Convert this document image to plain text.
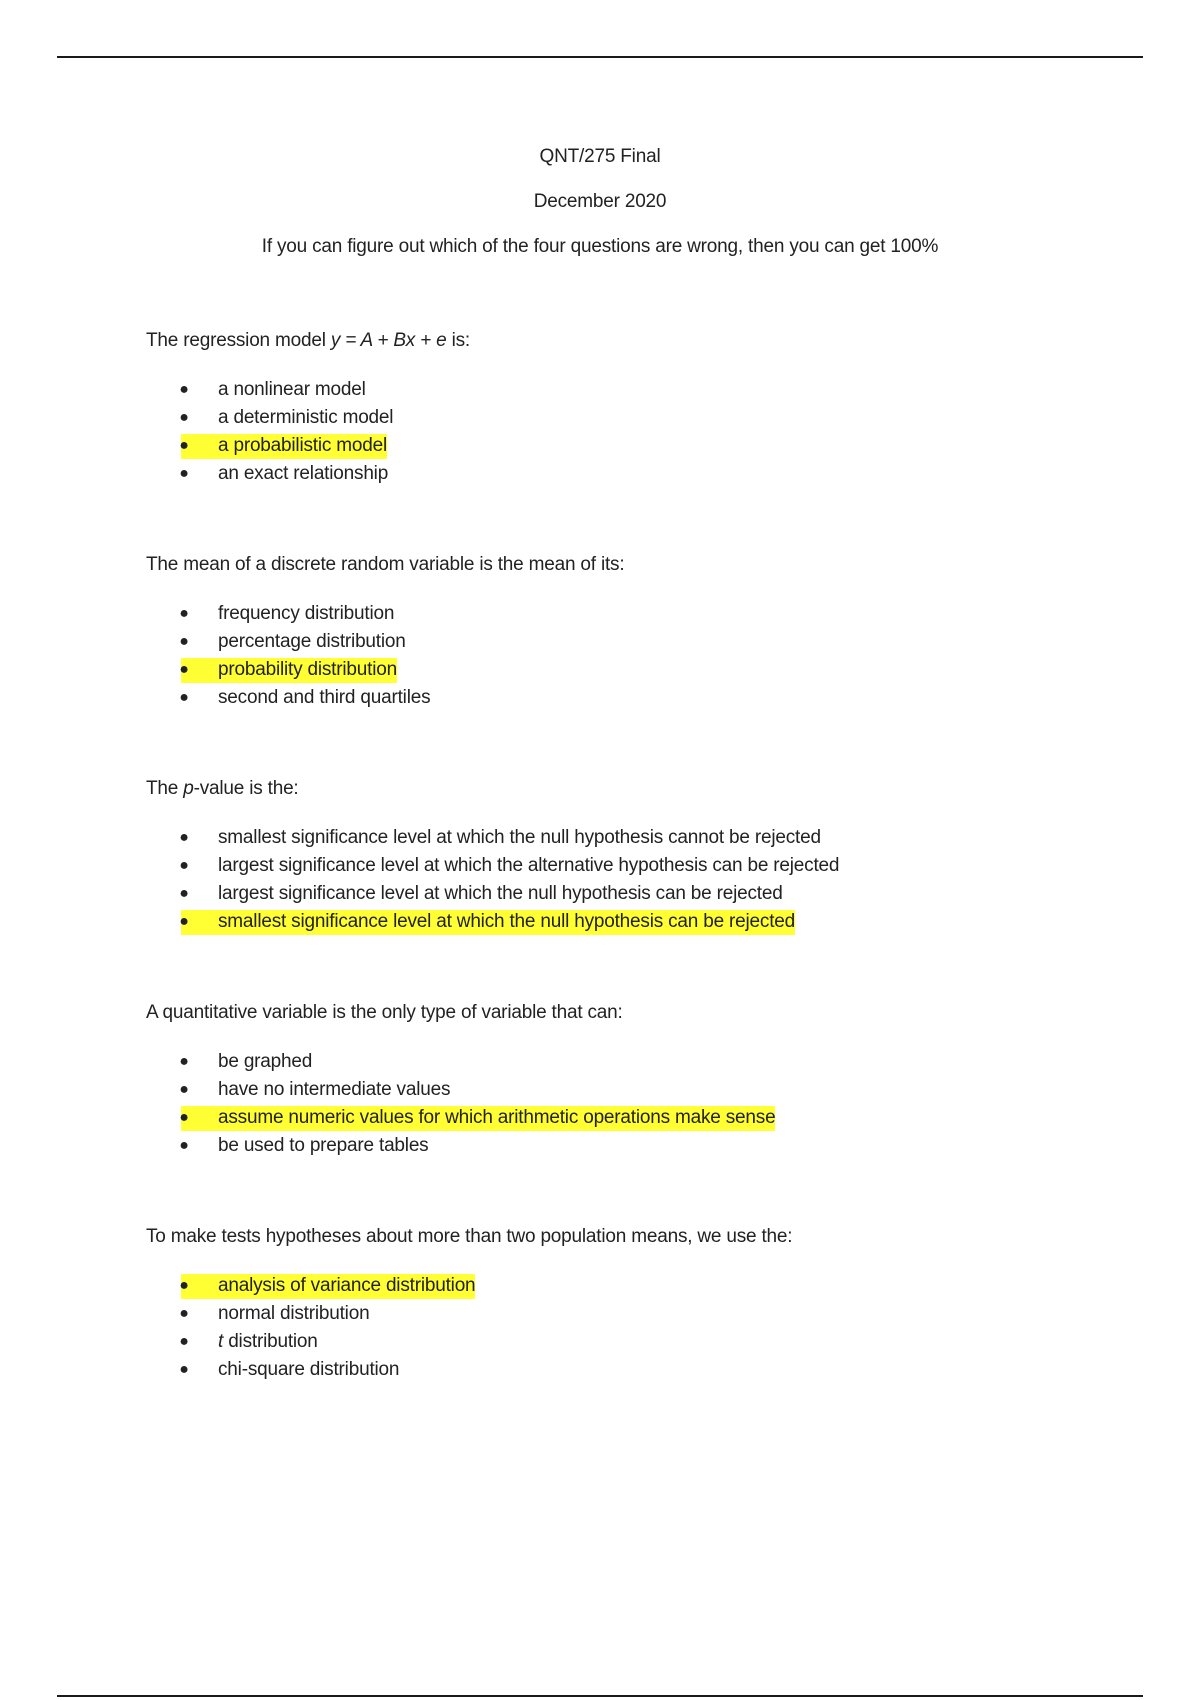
QNT/275 Final
December 2020
If you can figure out which of the four questions are wrong, then you can get 100%
The regression model y = A + Bx + e is:
● a nonlinear model
● a deterministic model
● a probabilistic model
● an exact relationship
The mean of a discrete random variable is the mean of its:
● frequency distribution
● percentage distribution
● probability distribution
● second and third quartiles
The p-value is the:
● smallest significance level at which the null hypothesis cannot be rejected
● largest significance level at which the alternative hypothesis can be rejected
● largest significance level at which the null hypothesis can be rejected
● smallest significance level at which the null hypothesis can be rejected
A quantitative variable is the only type of variable that can:
● be graphed
● have no intermediate values
● assume numeric values for which arithmetic operations make sense
● be used to prepare tables
To make tests hypotheses about more than two population means, we use the:
● analysis of variance distribution
● normal distribution
● t distribution
● chi-square distribution
